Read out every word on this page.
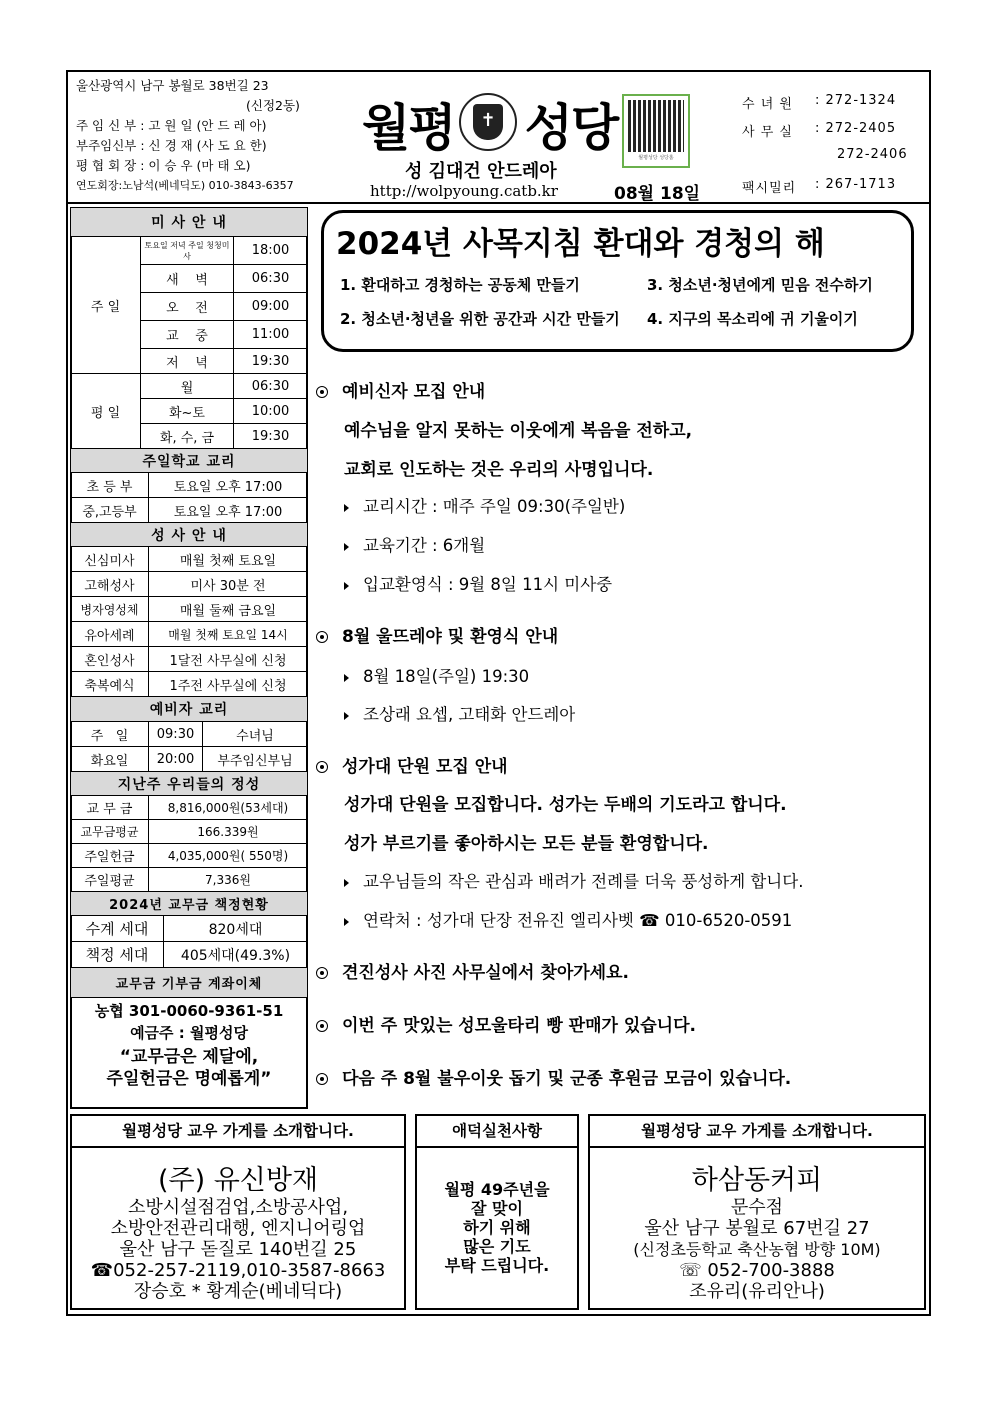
울산광역시 남구 봉월로 38번길 23
(신정2동)
주 임 신 부 : 고 원 일 (안 드 레 아)
부주임신부 : 신 경 재 (사 도 요 한)
평 협 회 장 : 이 승 우 (마 태 오)
연도회장:노남석(베네딕도) 010-3843-6357
월평 성당
✝
성 김대건 안드레아
http://wolpyoung.catb.kr
월평성당 성당홈
08월 18일
수 녀 원	: 272-1324
사 무 실 : 272-2405
272-2406
팩시밀리 : 267-1713
미 사 안 내		
주 일	토요일 저녁 주일 청청미사	18:00
	새    벽	06:30
	오    전	09:00
	교    중	11:00
	저    녁	19:30
평 일	월	06:30
	화~토	10:00
	화, 수, 금	19:30
주일학교 교리	
초 등 부	토요일 오후 17:00
중,고등부	토요일 오후 17:00
성 사 안 내	
신심미사	매월 첫째 토요일
고해성사	미사 30분 전
병자영성체	매월 둘째 금요일
유아세례	매월 첫째 토요일 14시
혼인성사	1달전 사무실에 신청
축복예식	1주전 사무실에 신청
예비자 교리		
주   일	09:30	수녀님
화요일	20:00	부주임신부님
지난주 우리들의 정성	
교 무 금	8,816,000원(53세대)
교무금평균	166.339원
주일헌금	4,035,000원( 550명)
주일평균	7,336원
2024년 교무금 책정현황	
수계 세대	820세대
책정 세대	405세대(49.3%)
교무금 기부금 계좌이체	
농협 301-0060-9361-51
예금주 : 월평성당
“교무금은 제달에,
주일헌금은 명예롭게”
2024년 사목지침 환대와 경청의 해
1. 환대하고 경청하는 공동체 만들기	3. 청소년·청년에게 믿음 전수하기
2. 청소년·청년을 위한 공간과 시간 만들기 4. 지구의 목소리에 귀 기울이기
예비신자 모집 안내
예수님을 알지 못하는 이웃에게 복음을 전하고,
교회로 인도하는 것은 우리의 사명입니다.
교리시간 : 매주 주일 09:30(주일반)
교육기간 : 6개월
입교환영식 : 9월 8일 11시 미사중
8월 울뜨레야 및 환영식 안내
8월 18일(주일) 19:30
조상래 요셉, 고태화 안드레아
성가대 단원 모집 안내
성가대 단원을 모집합니다. 성가는 두배의 기도라고 합니다.
성가 부르기를 좋아하시는 모든 분들 환영합니다.
교우님들의 작은 관심과 배려가 전례를 더욱 풍성하게 합니다.
연락처 : 성가대 단장 전유진 엘리사벳 ☎ 010-6520-0591
견진성사 사진 사무실에서 찾아가세요.
이번 주 맛있는 성모울타리 빵 판매가 있습니다.
다음 주 8월 불우이웃 돕기 및 군종 후원금 모금이 있습니다.
월평성당 교우 가게를 소개합니다.
(주) 유신방재
소방시설점검업,소방공사업,
소방안전관리대행, 엔지니어링업
울산 남구 돋질로 140번길 25
☎052-257-2119,010-3587-8663
장승호 * 황계순(베네딕다)
애덕실천사항
월평 49주년을
잘 맞이
하기 위해
많은 기도
부탁 드립니다.
월평성당 교우 가게를 소개합니다.
하삼동커피
문수점
울산 남구 봉월로 67번길 27
(신정초등학교 축산농협 방향 10M)
☏ 052-700-3888
조유리(유리안나)
